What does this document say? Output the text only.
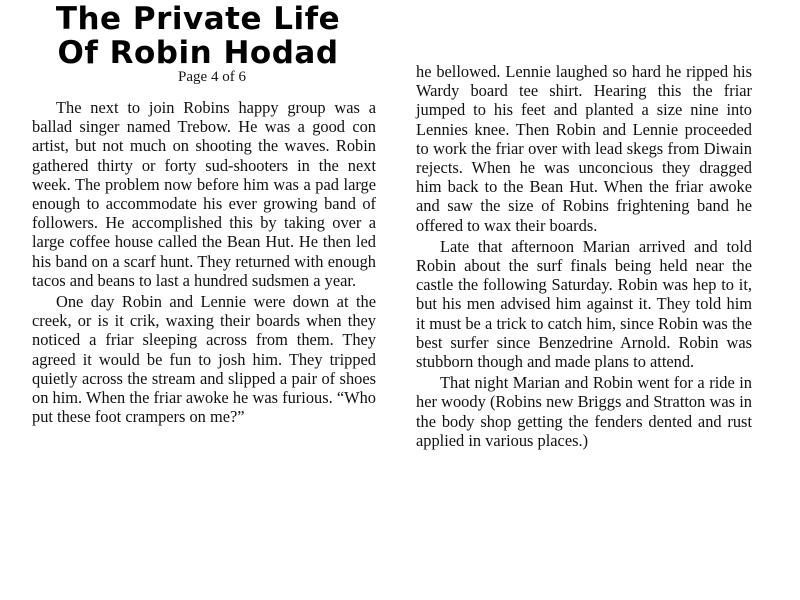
The Private Life
Of Robin Hodad
Page 4 of 6

The next to join Robins happy group was a ballad singer named Trebow. He was a good con artist, but not much on shooting the waves. Robin gathered thirty or forty sud-shooters in the next week. The problem now before him was a pad large enough to accommodate his ever growing band of followers. He accomplished this by taking over a large coffee house called the Bean Hut. He then led his band on a scarf hunt. They returned with enough tacos and beans to last a hundred sudsmen a year.

One day Robin and Lennie were down at the creek, or is it crik, waxing their boards when they noticed a friar sleeping across from them. They agreed it would be fun to josh him. They tripped quietly across the stream and slipped a pair of shoes on him. When the friar awoke he was furious. “Who put these foot crampers on me?”

he bellowed. Lennie laughed so hard he ripped his Wardy board tee shirt. Hearing this the friar jumped to his feet and planted a size nine into Lennies knee. Then Robin and Lennie proceeded to work the friar over with lead skegs from Diwain rejects. When he was unconcious they dragged him back to the Bean Hut. When the friar awoke and saw the size of Robins frightening band he offered to wax their boards.

Late that afternoon Marian arrived and told Robin about the surf finals being held near the castle the following Saturday. Robin was hep to it, but his men advised him against it. They told him it must be a trick to catch him, since Robin was the best surfer since Benzedrine Arnold. Robin was stubborn though and made plans to attend.

That night Marian and Robin went for a ride in her woody (Robins new Briggs and Stratton was in the body shop getting the fenders dented and rust applied in various places.)
